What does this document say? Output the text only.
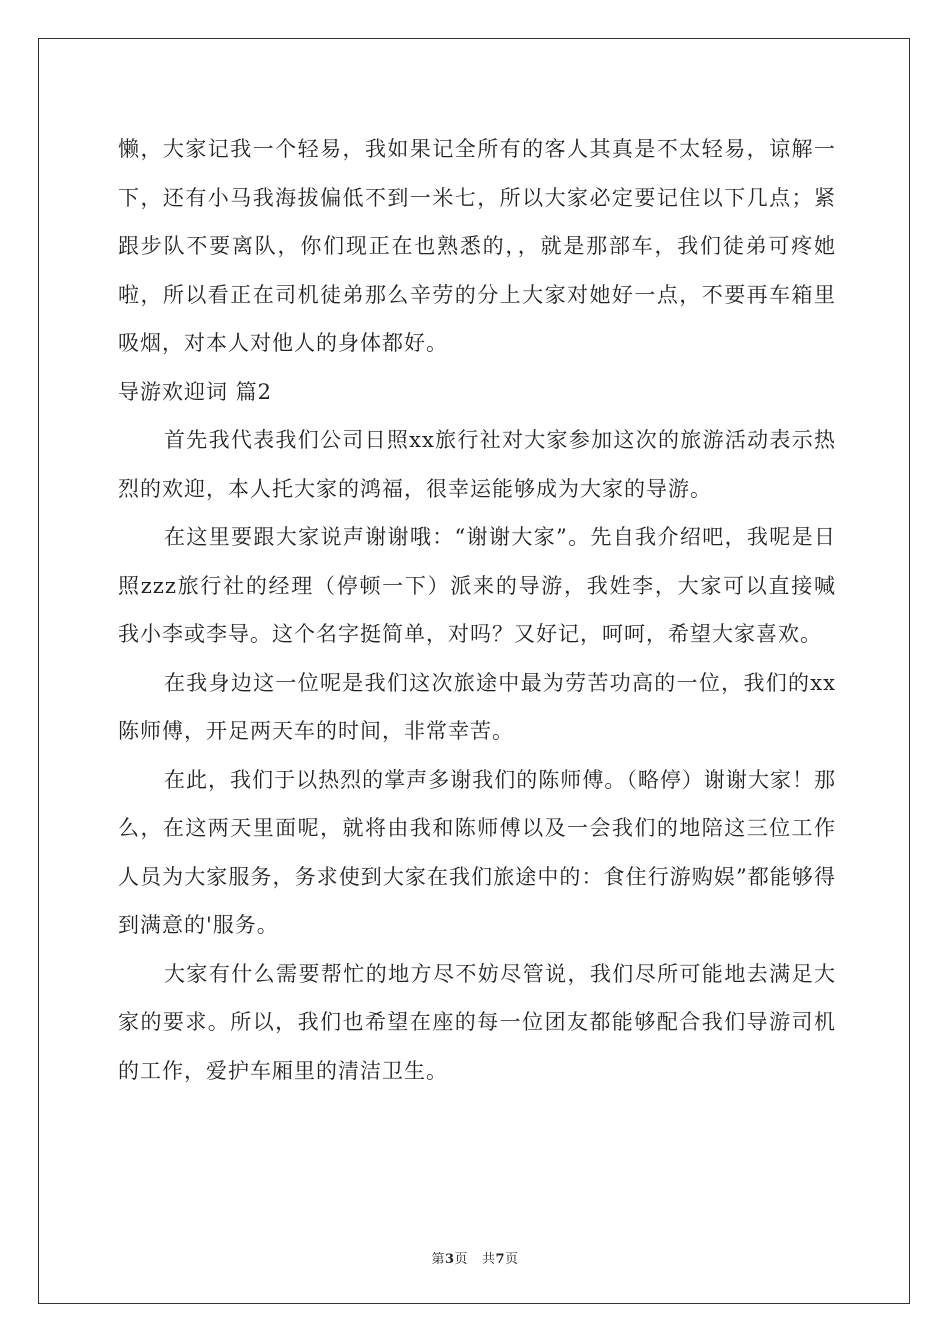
懒，大家记我一个轻易，我如果记全所有的客人其真是不太轻易，谅解一下，还有小马我海拔偏低不到一米七，所以大家必定要记住以下几点；紧跟步队不要离队，你们现正在也熟悉的，，就是那部车，我们徒弟可疼她啦，所以看正在司机徒弟那么辛劳的分上大家对她好一点，不要再车箱里吸烟，对本人对他人的身体都好。

导游欢迎词 篇2

首先我代表我们公司日照xx旅行社对大家参加这次的旅游活动表示热烈的欢迎，本人托大家的鸿福，很幸运能够成为大家的导游。

在这里要跟大家说声谢谢哦：“谢谢大家”。先自我介绍吧，我呢是日照zzz旅行社的经理（停顿一下）派来的导游，我姓李，大家可以直接喊我小李或李导。这个名字挺简单，对吗？又好记，呵呵，希望大家喜欢。

在我身边这一位呢是我们这次旅途中最为劳苦功高的一位，我们的xx陈师傅，开足两天车的时间，非常幸苦。

在此，我们于以热烈的掌声多谢我们的陈师傅。（略停）谢谢大家！那么，在这两天里面呢，就将由我和陈师傅以及一会我们的地陪这三位工作人员为大家服务，务求使到大家在我们旅途中的：食住行游购娱”都能够得到满意的'服务。

大家有什么需要帮忙的地方尽不妨尽管说，我们尽所可能地去满足大家的要求。所以，我们也希望在座的每一位团友都能够配合我们导游司机的工作，爱护车厢里的清洁卫生。

第3页 共7页
